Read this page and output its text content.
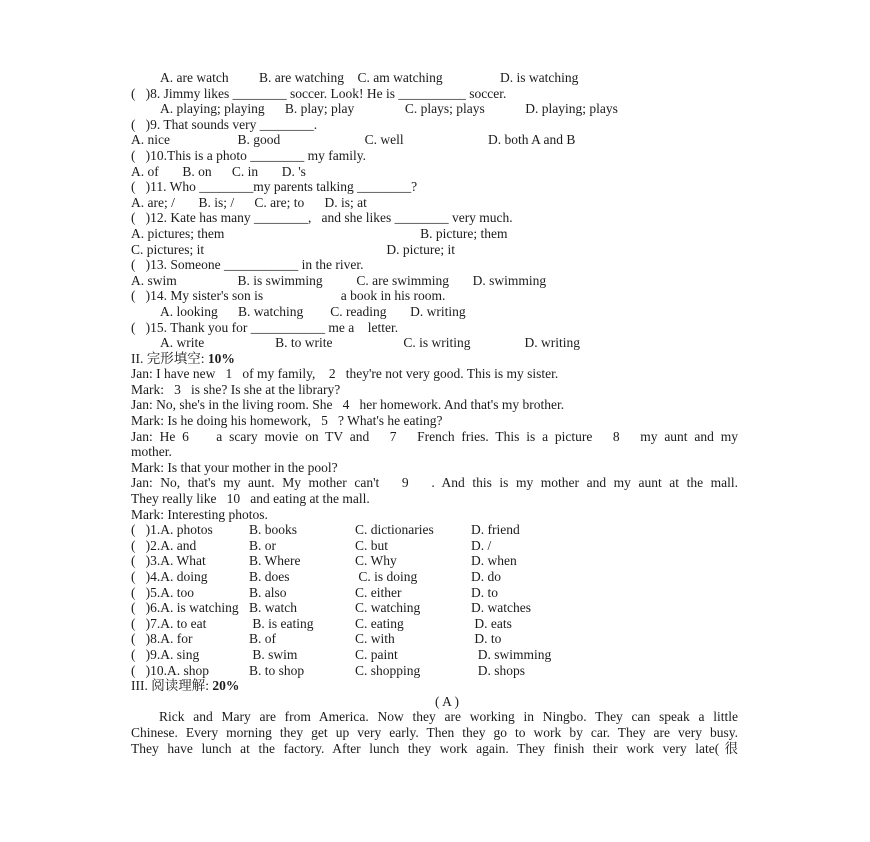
A. are watch         B. are watching    C. am watching                 D. is watching
(   )8. Jimmy likes ________ soccer. Look! He is __________ soccer.
A. playing; playing      B. play; play               C. plays; plays            D. playing; plays
(   )9. That sounds very ________.
A. nice                    B. good                         C. well                         D. both A and B
(   )10.This is a photo ________ my family.
A. of       B. on      C. in       D. 's
(   )11. Who ________my parents talking ________?
A. are; /       B. is; /      C. are; to      D. is; at
(   )12. Kate has many ________,   and she likes ________ very much.
A. pictures; them                                                          B. picture; them
C. pictures; it                                                      D. picture; it
(   )13. Someone ___________ in the river.
A. swim                  B. is swimming          C. are swimming       D. swimming
(   )14. My sister's son is                       a book in his room.
A. looking      B. watching        C. reading       D. writing
(   )15. Thank you for ___________ me a    letter.
A. write                     B. to write                     C. is writing                D. writing
II. 完形填空: 10%
Jan: I have new   1   of my family,    2   they're not very good. This is my sister.
Mark:   3   is she? Is she at the library?
Jan: No, she's in the living room. She   4   her homework. And that's my brother.
Mark: Is he doing his homework,   5   ? What's he eating?
Jan: He 6    a scary movie on TV and   7   French fries. This is a picture   8   my aunt and my
mother.
Mark: Is that your mother in the pool?
Jan: No, that's my aunt. My mother can't   9   . And this is my mother and my aunt at the mall.
They really like   10   and eating at the mall.
Mark: Interesting photos.
(   )1.A. photos	B. books	C. dictionaries	D. friend
(   )2.A. and	B. or	C. but	D. /
(   )3.A. What	B. Where	C. Why	D. when
(   )4.A. doing	B. does	C. is doing	D. do
(   )5.A. too	B. also	C. either	D. to
(   )6.A. is watching B. watch	C. watching	D. watches
(   )7.A. to eat	B. is eating	C. eating	D. eats
(   )8.A. for	B. of	C. with	D. to
(   )9.A. sing	B. swim	C. paint	D. swimming
(   )10.A. shop	B. to shop	C. shopping	D. shops
III. 阅读理解: 20%
( A )
Rick and Mary are from America. Now they are working in Ningbo. They can speak a little
Chinese. Every morning they get up very early. Then they go to work by car. They are very busy.
They have lunch at the factory. After lunch they work again. They finish their work very late(很
